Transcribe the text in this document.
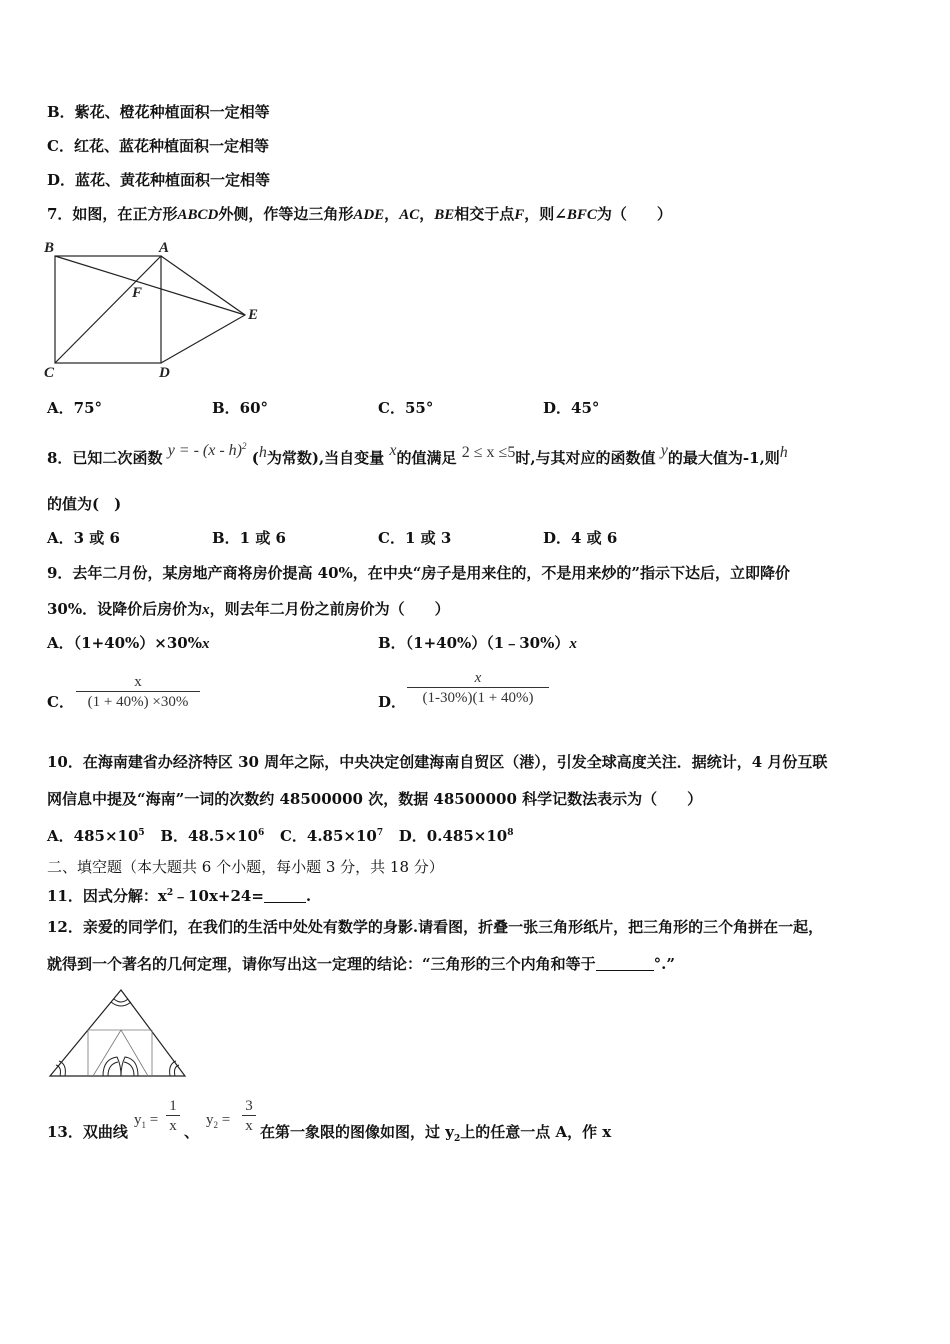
B．紫花、橙花种植面积一定相等
C．红花、蓝花种植面积一定相等
D．蓝花、黄花种植面积一定相等
7．如图，在正方形ABCD外侧，作等边三角形ADE，AC，BE相交于点F，则∠BFC为（　　）
B	A
F
E
C	D
A．75°	B．60°	C．55°	D．45°
8．已知二次函数 y = - (x - h)$^2$ (h为常数),当自变量 x的值满足 2 ≤ x ≤5时,与其对应的函数值 y的最大值为-1,则h
的值为(　)
A．3 或 6	B．1 或 6	C．1 或 3	D．4 或 6
9．去年二月份，某房地产商将房价提高 40%，在中央“房子是用来住的，不是用来炒的”指示下达后，立即降价
30%．设降价后房价为x，则去年二月份之前房价为（　　）
A．（1+40%）×30%x	B．（1+40%）（1﹣30%）x
C．
x
(1 + 40%) ×30%	D．
x
(1-30%)(1 + 40%)
10．在海南建省办经济特区 30 周年之际，中央决定创建海南自贸区（港），引发全球高度关注．据统计，4 月份互联
网信息中提及“海南”一词的次数约 48500000 次，数据 48500000 科学记数法表示为（　　）
A．$485\times 10^5$ B．$48.5\times 10^6$ C．$4.85\times 10^7$ D．$0.485\times 10^8$
二、填空题（本大题共 6 个小题，每小题 3 分，共 18 分）
11．因式分解：$x^2﹣10x+24=$	.
12．亲爱的同学们，在我们的生活中处处有数学的身影.请看图，折叠一张三角形纸片，把三角形的三个角拼在一起，
就得到一个著名的几何定理，请你写出这一定理的结论：“三角形的三个内角和等于	°.”
13．双曲线
$y_1$ =
1
x 、
$y_2$ =
3
x 在第一象限的图像如图，过 $y_2$上的任意一点 A，作 x
